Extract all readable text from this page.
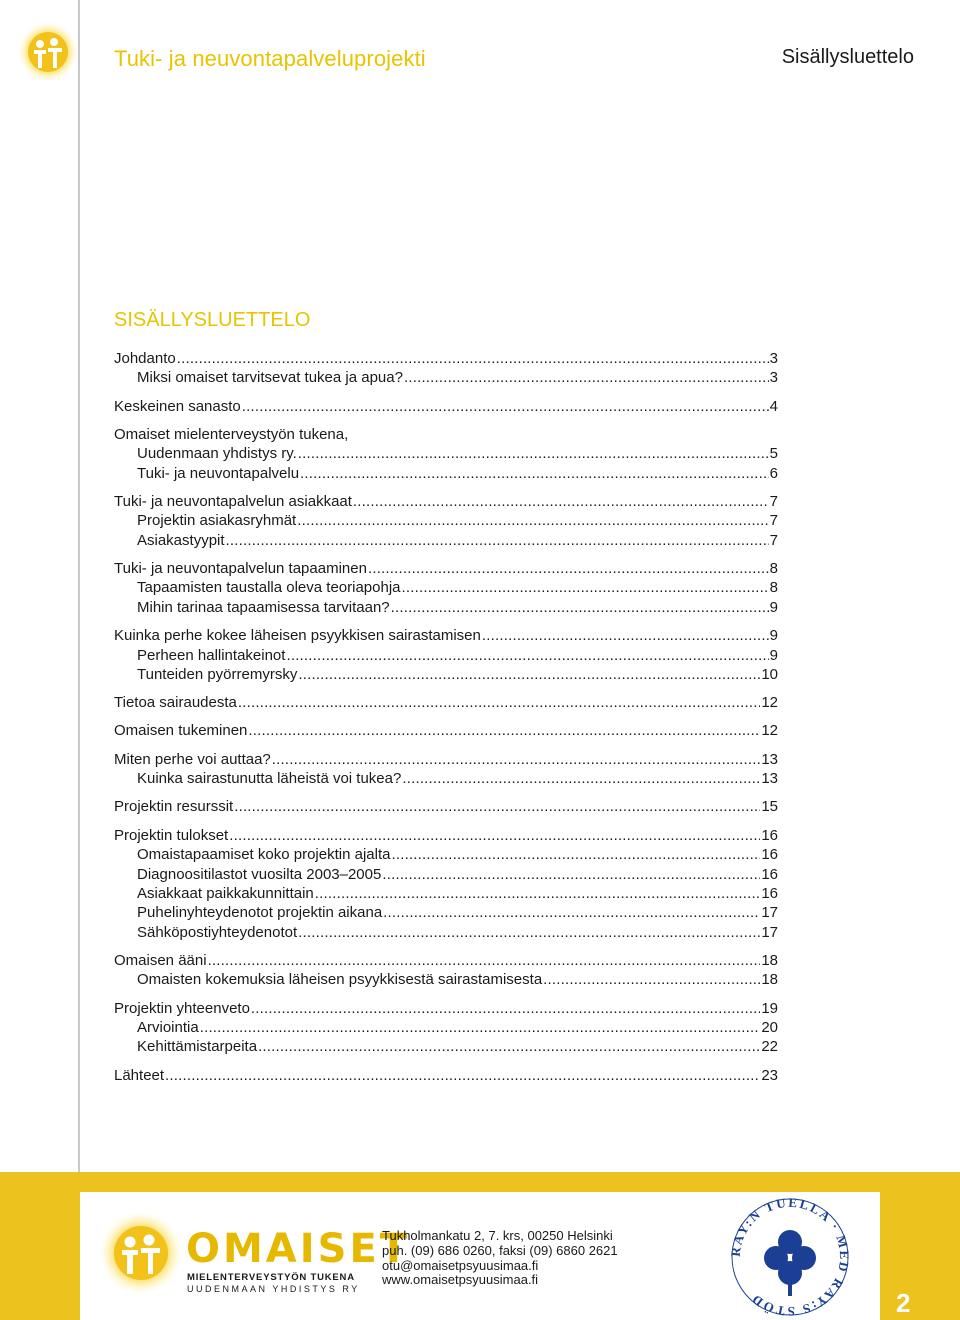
Tuki- ja neuvontapalveluprojekti	Sisällysluettelo
SISÄLLYSLUETTELO
Johdanto .....	3
Miksi omaiset tarvitsevat tukea ja apua? .....	3
Keskeinen sanasto .....	4
Omaiset mielenterveystyön tukena,
Uudenmaan yhdistys ry. .....	5
Tuki- ja neuvontapalvelu .....	6
Tuki- ja neuvontapalvelun asiakkaat .....	7
Projektin asiakasryhmät .....	7
Asiakastyypit .....	7
Tuki- ja neuvontapalvelun tapaaminen .....	8
Tapaamisten taustalla oleva teoriapohja .....	8
Mihin tarinaa tapaamisessa tarvitaan? .....	9
Kuinka perhe kokee läheisen psyykkisen sairastamisen .....	9
Perheen hallintakeinot .....	9
Tunteiden pyörremyrsky .....	10
Tietoa sairaudesta .....	12
Omaisen tukeminen .....	12
Miten perhe voi auttaa? .....	13
Kuinka sairastunutta läheistä voi tukea? .....	13
Projektin resurssit .....	15
Projektin tulokset .....	16
Omaistapaamiset koko projektin ajalta .....	16
Diagnoositilastot vuosilta 2003–2005 .....	16
Asiakkaat paikkakunnittain .....	16
Puhelinyhteydenotot projektin aikana .....	17
Sähköpostiyhteydenotot .....	17
Omaisen ääni .....	18
Omaisten kokemuksia läheisen psyykkisestä sairastamisesta .....	18
Projektin yhteenveto .....	19
Arviointia .....	20
Kehittämistarpeita .....	22
Lähteet .....	23
OMAISET
MIELENTERVEYSTYÖN TUKENA
UUDENMAAN YHDISTYS RY
Tukholmankatu 2, 7. krs, 00250 Helsinki
puh. (09) 686 0260, faksi (09) 6860 2621
otu@omaisetpsyuusimaa.fi
www.omaisetpsyuusimaa.fi
RAY:N TUELLA · MED RAY:S STÖD	2
